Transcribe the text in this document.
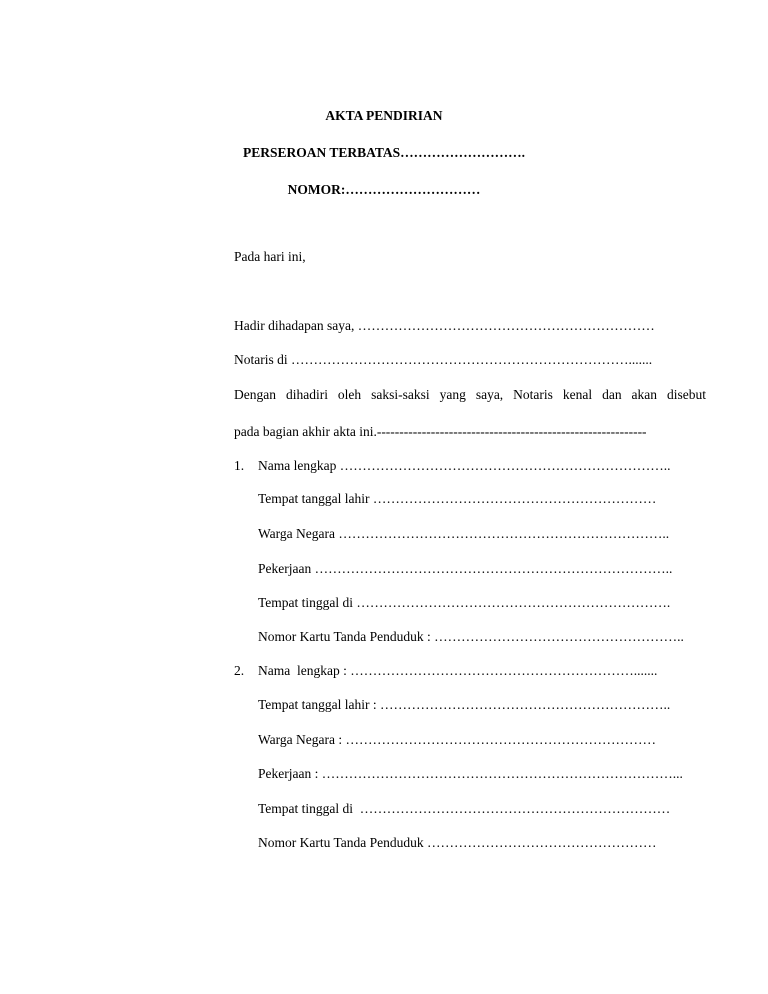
AKTA PENDIRIAN
PERSEROAN TERBATAS……………………….
NOMOR:…………………………
Pada hari ini,
Hadir dihadapan saya, …………………………………………………………
Notaris di ………………………………………………………………….......
Dengan dihadiri oleh saksi-saksi yang saya, Notaris kenal dan akan disebut
pada bagian akhir akta ini.------------------------------------------------------------
1. Nama lengkap ………………………………………………………………..
Tempat tanggal lahir ………………………………………………………
Warga Negara ………………………………………………………………..
Pekerjaan ……………………………………………………………………..
Tempat tinggal di …………………………………………………………….
Nomor Kartu Tanda Penduduk : ………………………………………………..
2. Nama  lengkap : ……………………………………………………….......
Tempat tanggal lahir : ………………………………………………………..
Warga Negara : ……………………………………………………………
Pekerjaan : ……………………………………………………………………...
Tempat tinggal di  ……………………………………………………………
Nomor Kartu Tanda Penduduk ……………………………………………
